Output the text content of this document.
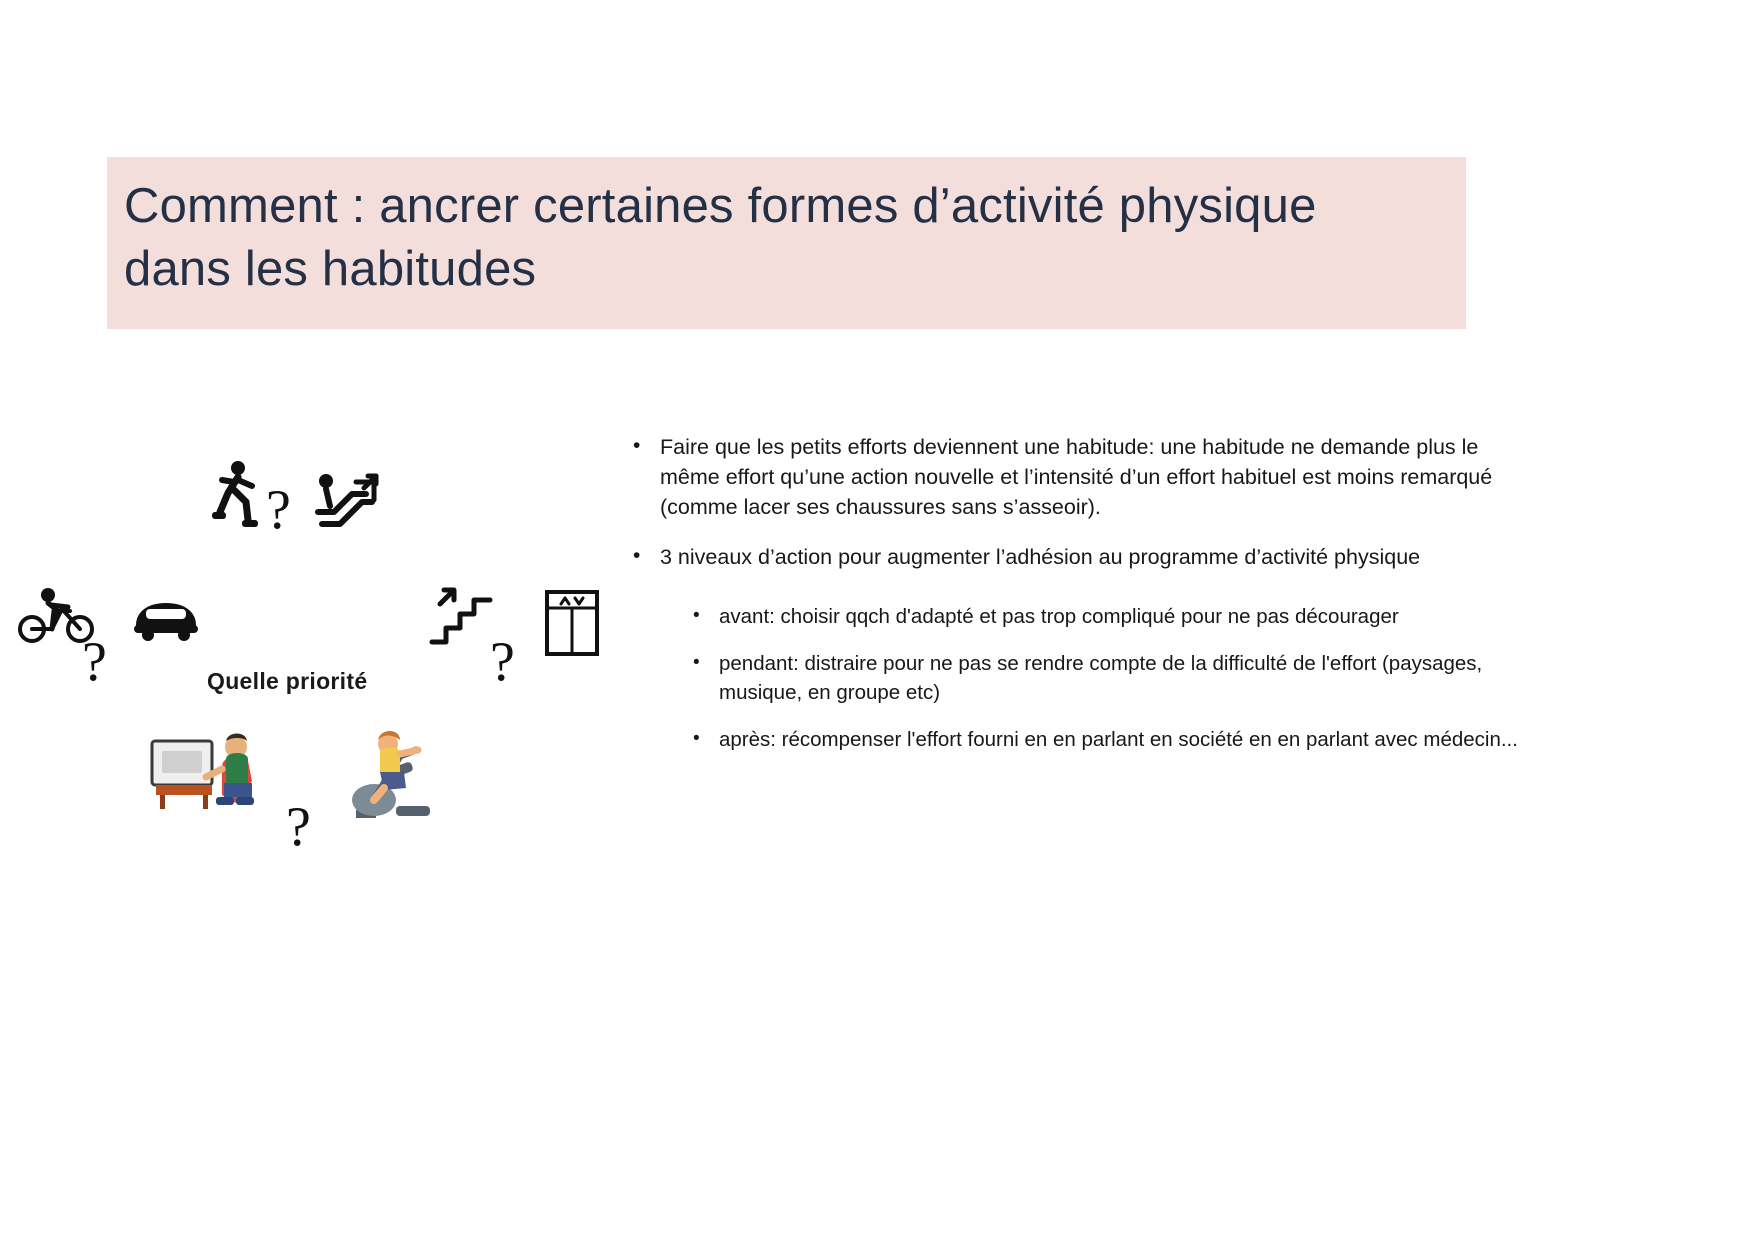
Comment : ancrer certaines formes d’activité physique dans les habitudes
?
?	?
Quelle priorité
?
• Faire que les petits efforts deviennent une habitude: une habitude ne demande plus le même effort qu’une action nouvelle et l’intensité d’un effort habituel est moins remarqué (comme lacer ses chaussures sans s’asseoir).
• 3 niveaux d’action pour augmenter l’adhésion au programme d’activité physique
• avant: choisir qqch d'adapté et pas trop compliqué pour ne pas décourager
• pendant: distraire pour ne pas se rendre compte de la difficulté de l'effort (paysages, musique, en groupe etc)
• après: récompenser l'effort fourni en en parlant en société en en parlant avec médecin...
